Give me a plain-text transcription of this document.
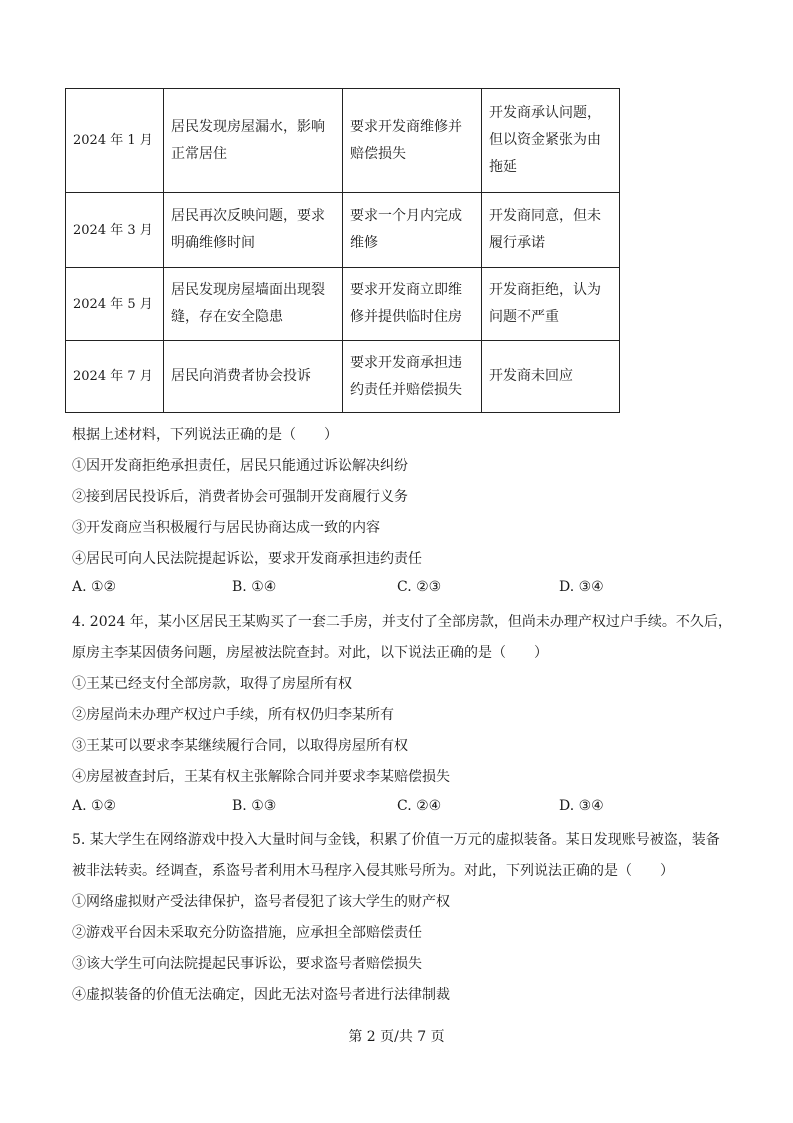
2024 年 1 月	居民发现房屋漏水，影响正常居住	要求开发商维修并赔偿损失	开发商承认问题，但以资金紧张为由拖延
2024 年 3 月	居民再次反映问题，要求明确维修时间	要求一个月内完成维修	开发商同意，但未履行承诺
2024 年 5 月	居民发现房屋墙面出现裂缝，存在安全隐患	要求开发商立即维修并提供临时住房	开发商拒绝，认为问题不严重
2024 年 7 月	居民向消费者协会投诉	要求开发商承担违约责任并赔偿损失	开发商未回应
根据上述材料，下列说法正确的是（　　）
①因开发商拒绝承担责任，居民只能通过诉讼解决纠纷
②接到居民投诉后，消费者协会可强制开发商履行义务
③开发商应当积极履行与居民协商达成一致的内容
④居民可向人民法院提起诉讼，要求开发商承担违约责任
A. ①②	B. ①④	C. ②③	D. ③④
4. 2024 年，某小区居民王某购买了一套二手房，并支付了全部房款，但尚未办理产权过户手续。不久后，
原房主李某因债务问题，房屋被法院查封。对此，以下说法正确的是（　　）
①王某已经支付全部房款，取得了房屋所有权
②房屋尚未办理产权过户手续，所有权仍归李某所有
③王某可以要求李某继续履行合同，以取得房屋所有权
④房屋被查封后，王某有权主张解除合同并要求李某赔偿损失
A. ①②	B. ①③	C. ②④	D. ③④
5. 某大学生在网络游戏中投入大量时间与金钱，积累了价值一万元的虚拟装备。某日发现账号被盗，装备
被非法转卖。经调查，系盗号者利用木马程序入侵其账号所为。对此，下列说法正确的是（　　）
①网络虚拟财产受法律保护，盗号者侵犯了该大学生的财产权
②游戏平台因未采取充分防盗措施，应承担全部赔偿责任
③该大学生可向法院提起民事诉讼，要求盗号者赔偿损失
④虚拟装备的价值无法确定，因此无法对盗号者进行法律制裁
第 2 页/共 7 页
